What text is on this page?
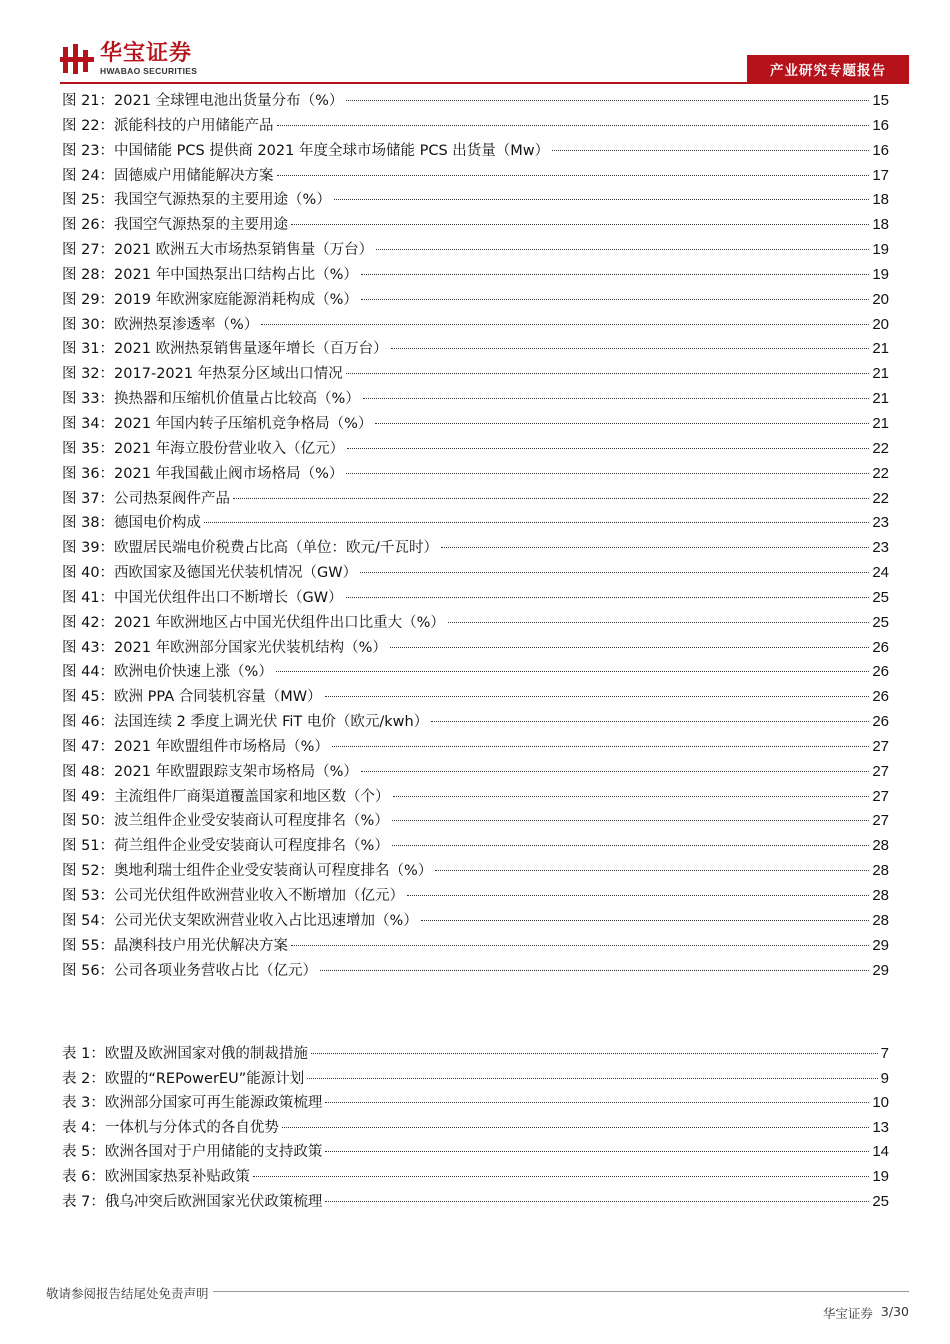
华宝证券
HWABAO SECURITIES	产业研究专题报告
图 21：2021 全球锂电池出货量分布（%）	15
图 22：派能科技的户用储能产品	16
图 23：中国储能 PCS 提供商 2021 年度全球市场储能 PCS 出货量（Mw）	16
图 24：固德威户用储能解决方案	17
图 25：我国空气源热泵的主要用途（%）	18
图 26：我国空气源热泵的主要用途	18
图 27：2021 欧洲五大市场热泵销售量（万台）	19
图 28：2021 年中国热泵出口结构占比（%）	19
图 29：2019 年欧洲家庭能源消耗构成（%）	20
图 30：欧洲热泵渗透率（%）	20
图 31：2021 欧洲热泵销售量逐年增长（百万台）	21
图 32：2017-2021 年热泵分区域出口情况	21
图 33：换热器和压缩机价值量占比较高（%）	21
图 34：2021 年国内转子压缩机竞争格局（%）	21
图 35：2021 年海立股份营业收入（亿元）	22
图 36：2021 年我国截止阀市场格局（%）	22
图 37：公司热泵阀件产品	22
图 38：德国电价构成	23
图 39：欧盟居民端电价税费占比高（单位：欧元/千瓦时）	23
图 40：西欧国家及德国光伏装机情况（GW）	24
图 41：中国光伏组件出口不断增长（GW）	25
图 42：2021 年欧洲地区占中国光伏组件出口比重大（%）	25
图 43：2021 年欧洲部分国家光伏装机结构（%）	26
图 44：欧洲电价快速上涨（%）	26
图 45：欧洲 PPA 合同装机容量（MW）	26
图 46：法国连续 2 季度上调光伏 FiT 电价（欧元/kwh）	26
图 47：2021 年欧盟组件市场格局（%）	27
图 48：2021 年欧盟跟踪支架市场格局（%）	27
图 49：主流组件厂商渠道覆盖国家和地区数（个）	27
图 50：波兰组件企业受安装商认可程度排名（%）	27
图 51：荷兰组件企业受安装商认可程度排名（%）	28
图 52：奥地利瑞士组件企业受安装商认可程度排名（%）	28
图 53：公司光伏组件欧洲营业收入不断增加（亿元）	28
图 54：公司光伏支架欧洲营业收入占比迅速增加（%）	28
图 55：晶澳科技户用光伏解决方案	29
图 56：公司各项业务营收占比（亿元）	29
表 1：欧盟及欧洲国家对俄的制裁措施	7
表 2：欧盟的“REPowerEU”能源计划	9
表 3：欧洲部分国家可再生能源政策梳理	10
表 4：一体机与分体式的各自优势	13
表 5：欧洲各国对于户用储能的支持政策	14
表 6：欧洲国家热泵补贴政策	19
表 7：俄乌冲突后欧洲国家光伏政策梳理	25
敬请参阅报告结尾处免责声明
华宝证券 3/30
